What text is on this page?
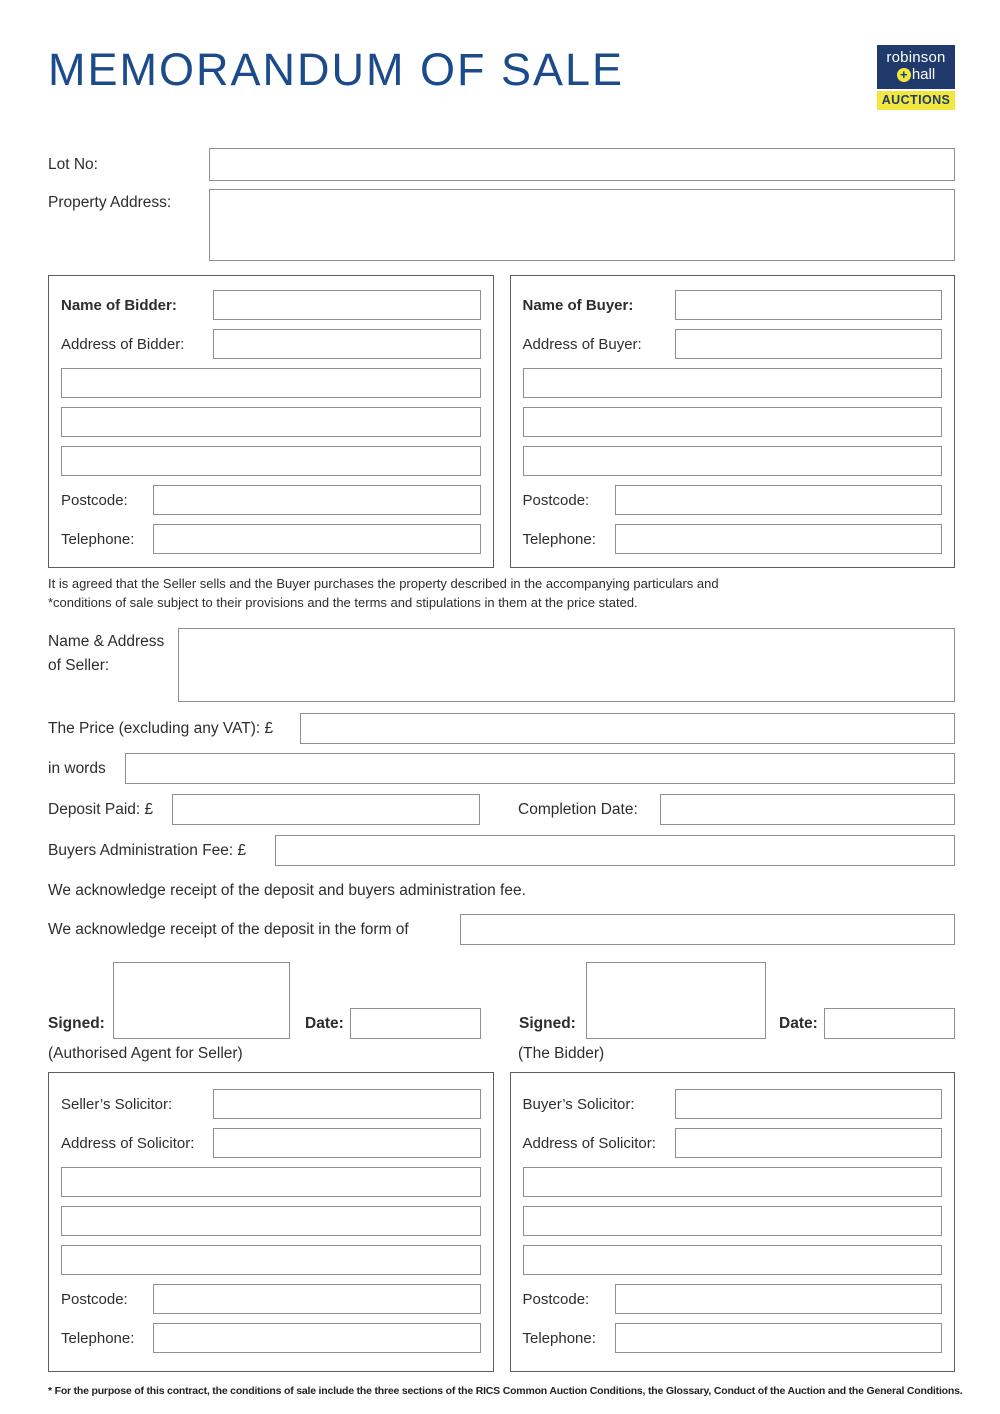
MEMORANDUM OF SALE	robinson
+ hall
AUCTIONS
Lot No:
Property Address:
Name of Bidder:
Address of Bidder:
Postcode:
Telephone:
Name of Buyer:
Address of Buyer:
Postcode:
Telephone:
It is agreed that the Seller sells and the Buyer purchases the property described in the accompanying particulars and
*conditions of sale subject to their provisions and the terms and stipulations in them at the price stated.
Name & Address
of Seller:
The Price (excluding any VAT): £
in words
Deposit Paid: £	Completion Date:
Buyers Administration Fee: £
We acknowledge receipt of the deposit and buyers administration fee.
We acknowledge receipt of the deposit in the form of
Signed:	Date:	Signed:	Date:
(Authorised Agent for Seller)	(The Bidder)
Seller’s Solicitor:
Address of Solicitor:
Postcode:
Telephone:
Buyer’s Solicitor:
Address of Solicitor:
Postcode:
Telephone:
* For the purpose of this contract, the conditions of sale include the three sections of the RICS Common Auction Conditions, the Glossary, Conduct of the Auction and the General Conditions.
